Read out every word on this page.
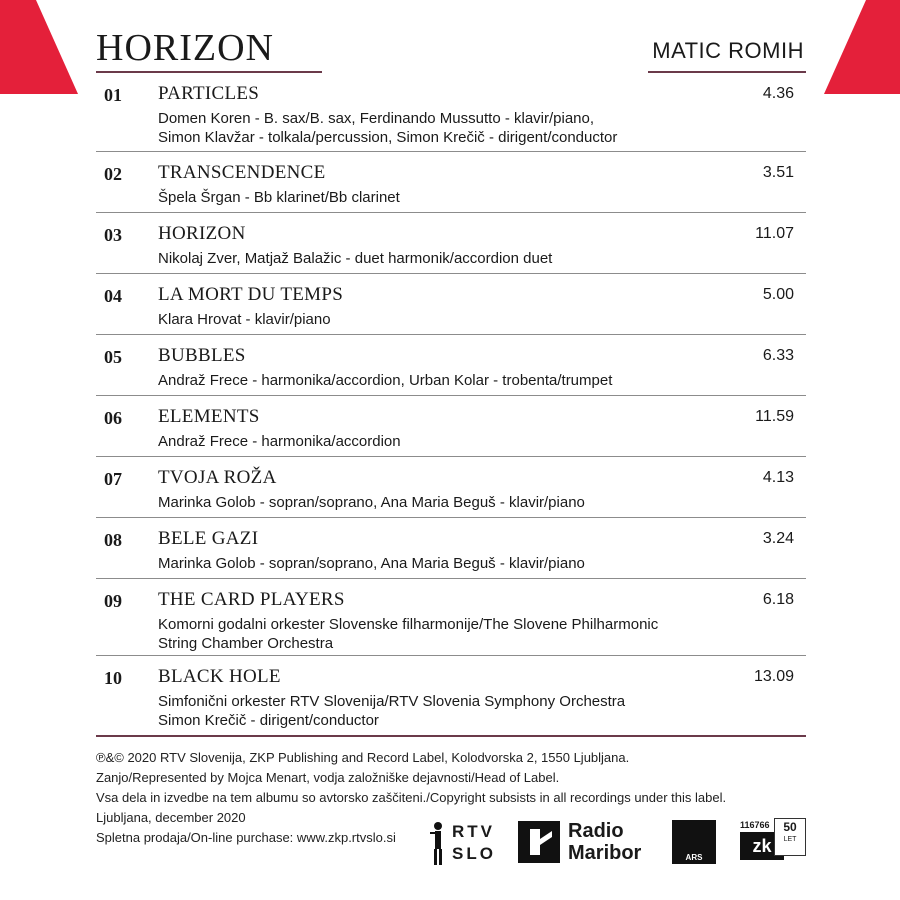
HORIZON	MATIC ROMIH
01 PARTICLES	4.36
Domen Koren - B. sax/B. sax, Ferdinando Mussutto - klavir/piano,
Simon Klavžar - tolkala/percussion, Simon Krečič - dirigent/conductor
02 TRANSCENDENCE	3.51
Špela Šrgan - Bb klarinet/Bb clarinet
03 HORIZON	11.07
Nikolaj Zver, Matjaž Balažic - duet harmonik/accordion duet
04 LA MORT DU TEMPS	5.00
Klara Hrovat - klavir/piano
05 BUBBLES	6.33
Andraž Frece - harmonika/accordion, Urban Kolar - trobenta/trumpet
06 ELEMENTS	11.59
Andraž Frece - harmonika/accordion
07 TVOJA ROŽA	4.13
Marinka Golob - sopran/soprano, Ana Maria Beguš - klavir/piano
08 BELE GAZI	3.24
Marinka Golob - sopran/soprano, Ana Maria Beguš - klavir/piano
09 THE CARD PLAYERS	6.18
Komorni godalni orkester Slovenske filharmonije/The Slovene Philharmonic
String Chamber Orchestra
10 BLACK HOLE	13.09
Simfonični orkester RTV Slovenija/RTV Slovenia Symphony Orchestra
Simon Krečič - dirigent/conductor
℗&© 2020 RTV Slovenija, ZKP Publishing and Record Label, Kolodvorska 2, 1550 Ljubljana.
Zanjo/Represented by Mojca Menart, vodja založniške dejavnosti/Head of Label.
Vsa dela in izvedbe na tem albumu so avtorsko zaščiteni./Copyright subsists in all recordings under this label.
Ljubljana, december 2020
Spletna prodaja/On-line purchase: www.zkp.rtvslo.si	RTV
SLO
Radio
Maribor	ARS
116766
zk
50
LET
